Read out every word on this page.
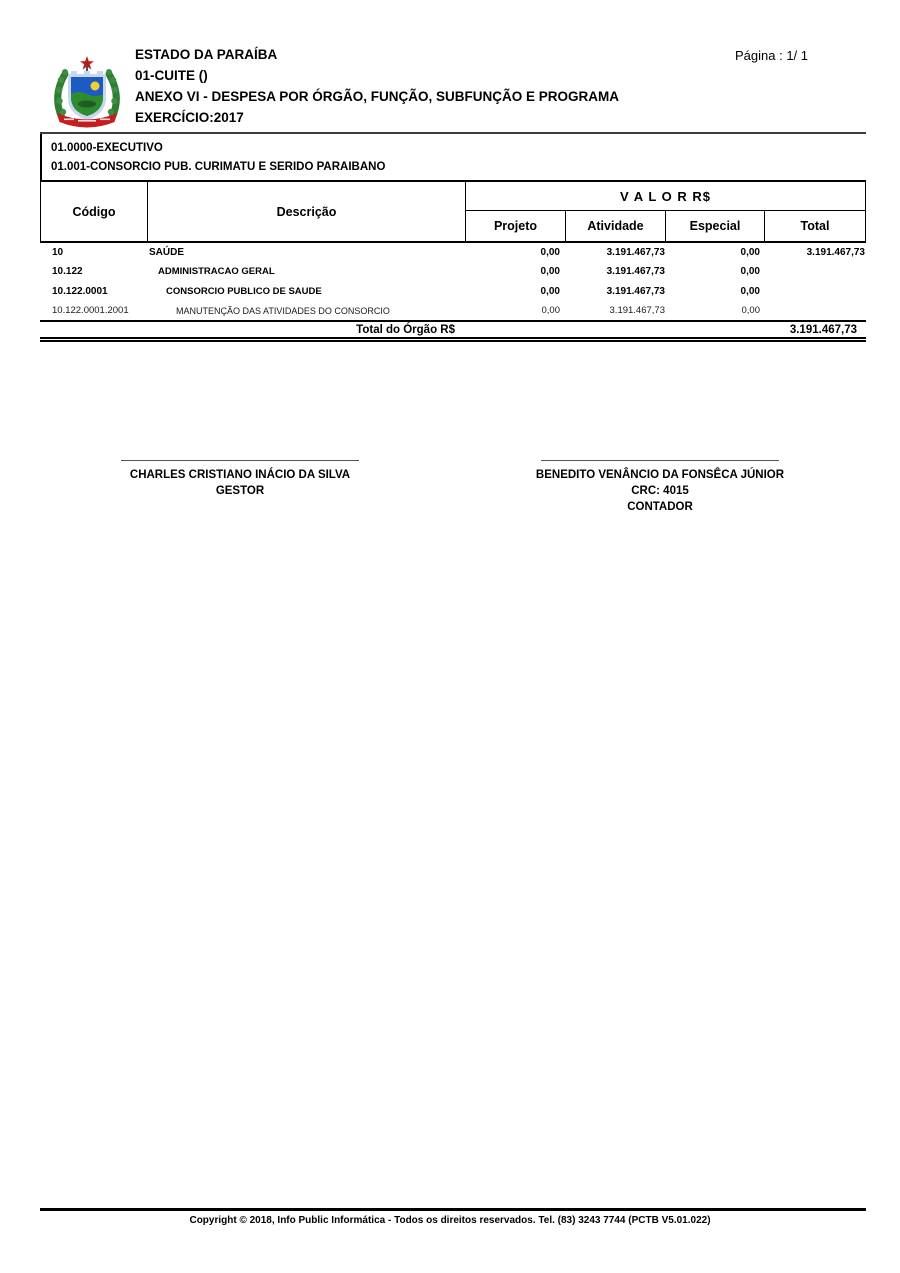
ESTADO DA PARAÍBA
01-CUITE ()
ANEXO VI - DESPESA POR ÓRGÃO, FUNÇÃO, SUBFUNÇÃO E PROGRAMA
EXERCÍCIO:2017
Página : 1/ 1
01.0000-EXECUTIVO
01.001-CONSORCIO PUB. CURIMATU E SERIDO PARAIBANO
Código	Descrição
V A L O R R$
Projeto	Atividade	Especial	Total
10	SAÚDE	0,00	3.191.467,73	0,00	3.191.467,73
10.122	ADMINISTRACAO GERAL	0,00	3.191.467,73	0,00
10.122.0001	CONSORCIO PUBLICO DE SAUDE	0,00	3.191.467,73	0,00
10.122.0001.2001	MANUTENÇÃO DAS ATIVIDADES DO CONSORCIO	0,00	3.191.467,73	0,00
Total do Órgão R$	3.191.467,73
CHARLES CRISTIANO INÁCIO DA SILVA
GESTOR
BENEDITO VENÂNCIO DA FONSÊCA JÚNIOR
CRC: 4015
CONTADOR
Copyright © 2018, Info Public Informática - Todos os direitos reservados. Tel. (83) 3243 7744 (PCTB V5.01.022)
